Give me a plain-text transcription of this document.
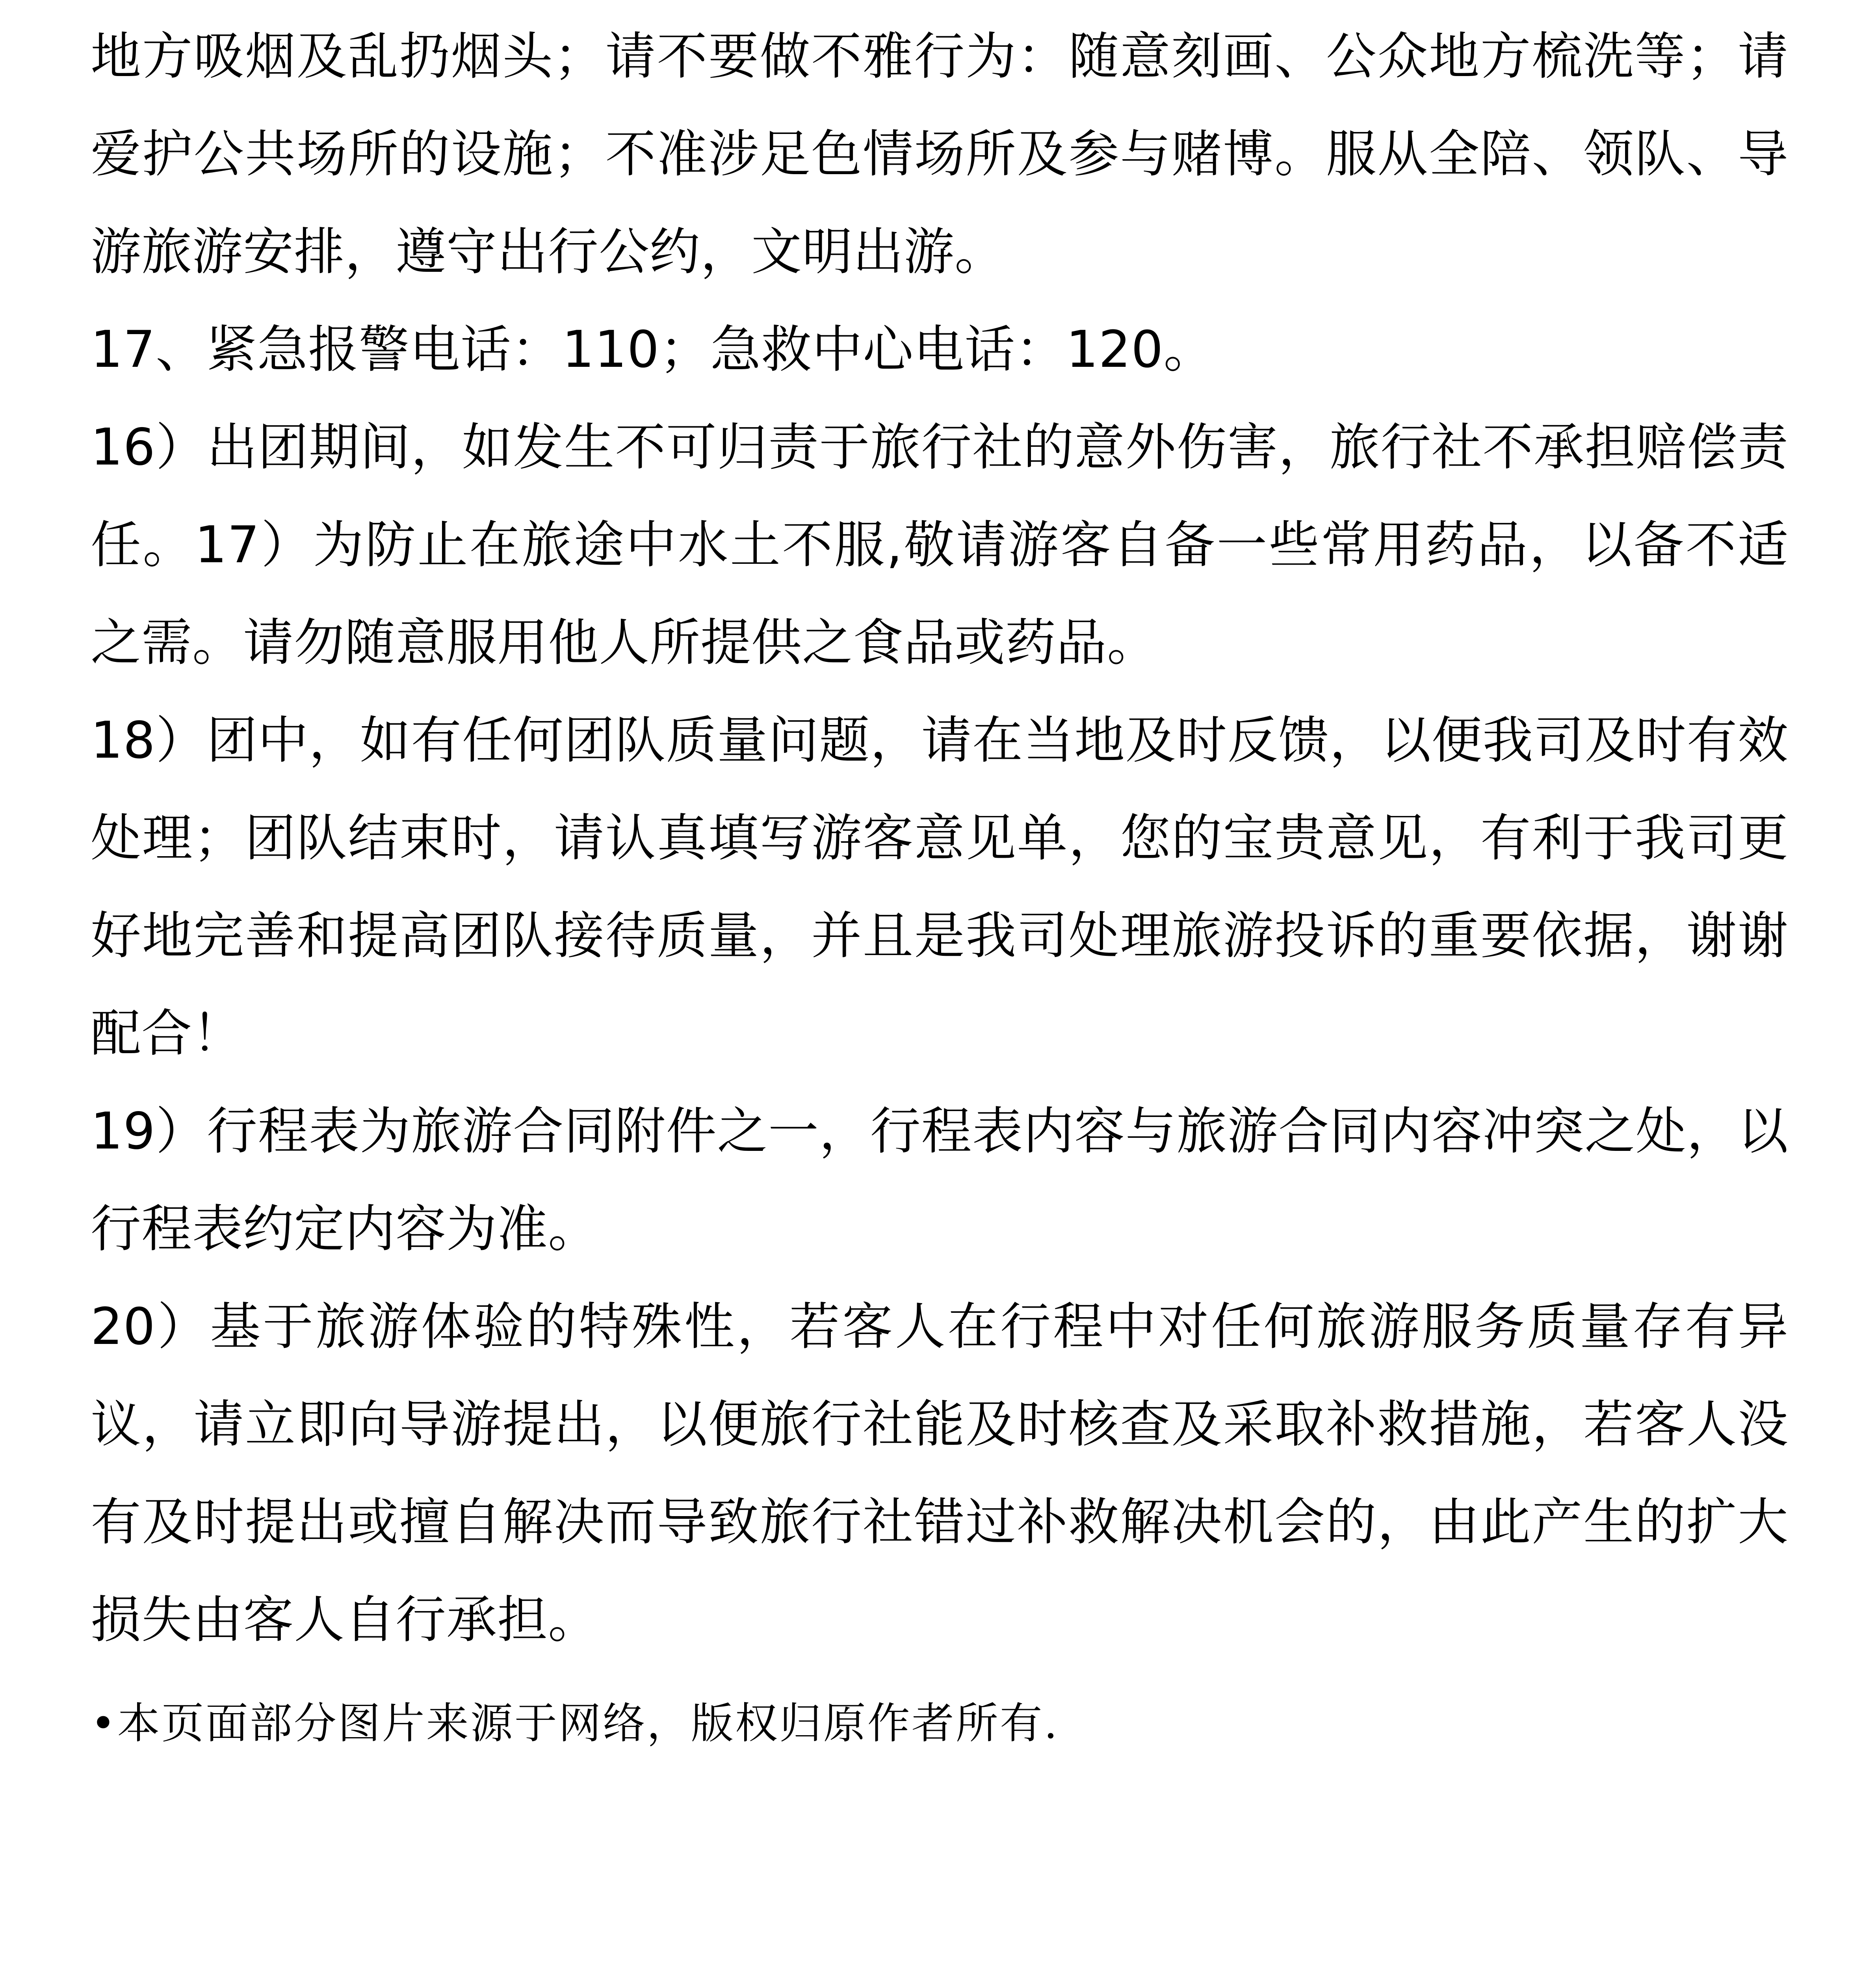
地方吸烟及乱扔烟头；请不要做不雅行为：随意刻画、公众地方梳洗等；请爱护公共场所的设施；不准涉足色情场所及参与赌博。服从全陪、领队、导游旅游安排，遵守出行公约，文明出游。

17、紧急报警电话：110；急救中心电话：120。

16）出团期间，如发生不可归责于旅行社的意外伤害，旅行社不承担赔偿责任。17）为防止在旅途中水土不服,敬请游客自备一些常用药品，以备不适之需。请勿随意服用他人所提供之食品或药品。

18）团中，如有任何团队质量问题，请在当地及时反馈，以便我司及时有效处理；团队结束时，请认真填写游客意见单，您的宝贵意见，有利于我司更好地完善和提高团队接待质量，并且是我司处理旅游投诉的重要依据，谢谢配合！

19）行程表为旅游合同附件之一，行程表内容与旅游合同内容冲突之处，以行程表约定内容为准。

20）基于旅游体验的特殊性，若客人在行程中对任何旅游服务质量存有异议，请立即向导游提出，以便旅行社能及时核查及采取补救措施，若客人没有及时提出或擅自解决而导致旅行社错过补救解决机会的，由此产生的扩大损失由客人自行承担。

•本页面部分图片来源于网络，版权归原作者所有.
